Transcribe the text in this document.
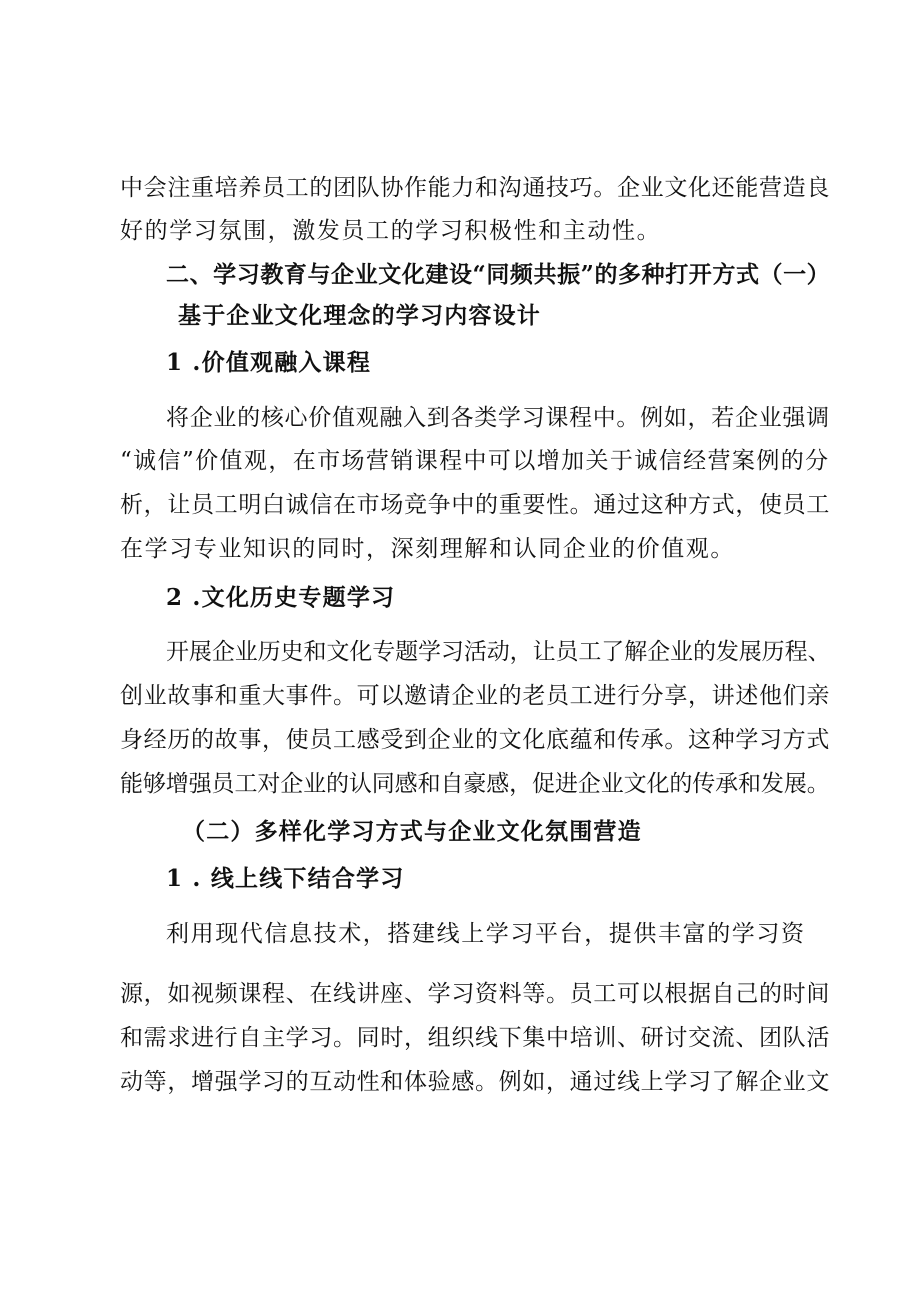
中会注重培养员工的团队协作能力和沟通技巧。企业文化还能营造良
好的学习氛围，激发员工的学习积极性和主动性。
二、学习教育与企业文化建设“同频共振”的多种打开方式（一）
基于企业文化理念的学习内容设计
1 .价值观融入课程
将企业的核心价值观融入到各类学习课程中。例如，若企业强调
“诚信”价值观，在市场营销课程中可以增加关于诚信经营案例的分
析，让员工明白诚信在市场竞争中的重要性。通过这种方式，使员工
在学习专业知识的同时，深刻理解和认同企业的价值观。
2 .文化历史专题学习
开展企业历史和文化专题学习活动，让员工了解企业的发展历程、
创业故事和重大事件。可以邀请企业的老员工进行分享，讲述他们亲
身经历的故事，使员工感受到企业的文化底蕴和传承。这种学习方式
能够增强员工对企业的认同感和自豪感，促进企业文化的传承和发展。
（二）多样化学习方式与企业文化氛围营造
1 . 线上线下结合学习
利用现代信息技术，搭建线上学习平台，提供丰富的学习资
源，如视频课程、在线讲座、学习资料等。员工可以根据自己的时间
和需求进行自主学习。同时，组织线下集中培训、研讨交流、团队活
动等，增强学习的互动性和体验感。例如，通过线上学习了解企业文
